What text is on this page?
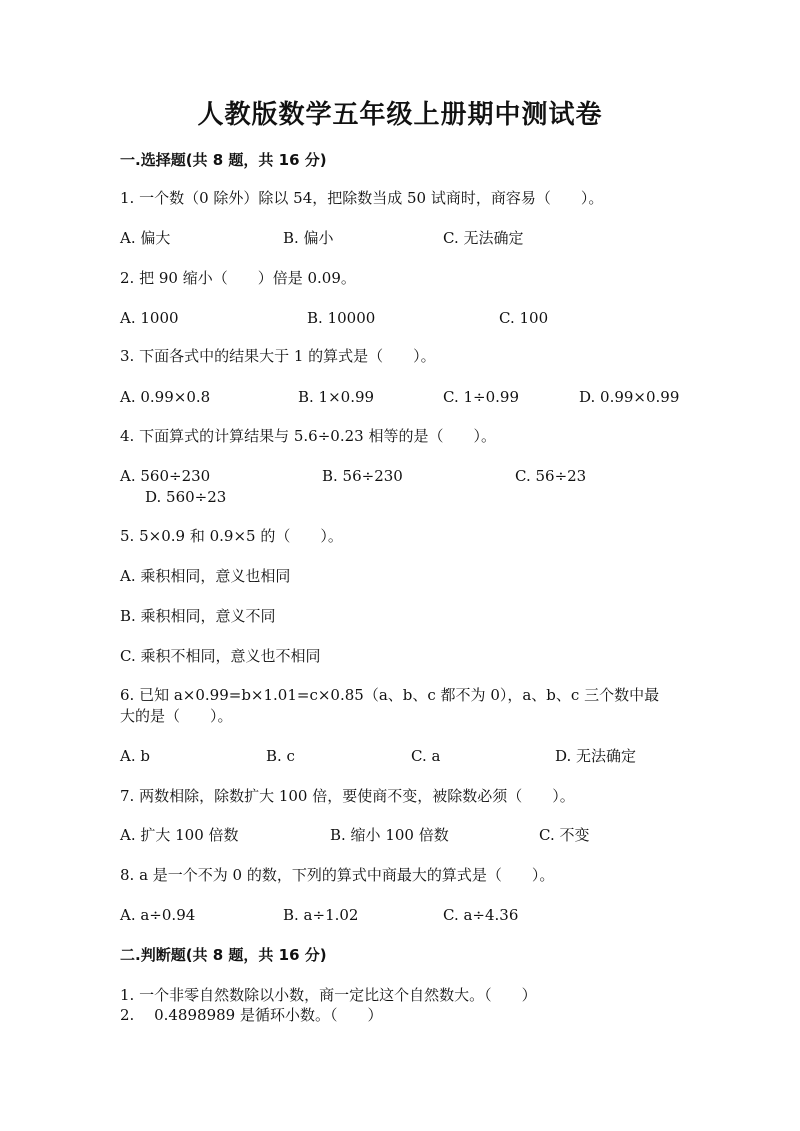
人教版数学五年级上册期中测试卷
一.选择题(共 8 题，共 16 分)
1. 一个数（0 除外）除以 54，把除数当成 50 试商时，商容易（　　）。
A. 偏大	B. 偏小	C. 无法确定
2. 把 90 缩小（　　）倍是 0.09。
A. 1000	B. 10000	C. 100
3. 下面各式中的结果大于 1 的算式是（　　）。
A. 0.99×0.8	B. 1×0.99	C. 1÷0.99	D. 0.99×0.99
4. 下面算式的计算结果与 5.6÷0.23 相等的是（　　）。
A. 560÷230	B. 56÷230	C. 56÷23
D. 560÷23
5. 5×0.9 和 0.9×5 的（　　）。
A. 乘积相同，意义也相同
B. 乘积相同，意义不同
C. 乘积不相同，意义也不相同
6. 已知 a×0.99=b×1.01=c×0.85（a、b、c 都不为 0），a、b、c 三个数中最
大的是（　　）。
A. b	B. c	C. a	D. 无法确定
7. 两数相除，除数扩大 100 倍，要使商不变，被除数必须（　　）。
A. 扩大 100 倍数	B. 缩小 100 倍数	C. 不变
8. a 是一个不为 0 的数，下列的算式中商最大的算式是（　　）。
A. a÷0.94	B. a÷1.02	C. a÷4.36
二.判断题(共 8 题，共 16 分)
1. 一个非零自然数除以小数，商一定比这个自然数大。（　　）
2.　 0.4898989 是循环小数。（　　）
